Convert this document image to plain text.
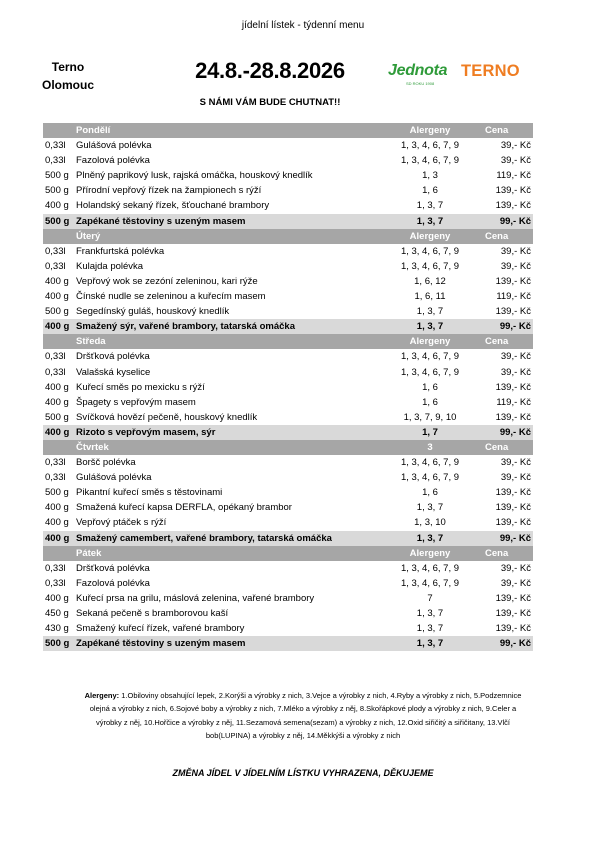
jídelní lístek - týdenní menu
Terno
Olomouc
24.8.-28.8.2026
S NÁMI VÁM BUDE CHUTNAT!!
Jednota
SD ROKU 1908
TERNO
Pondělí	Alergeny	Cena
0,33l	Gulášová polévka	1, 3, 4, 6, 7, 9	39,- Kč
0,33l	Fazolová polévka	1, 3, 4, 6, 7, 9	39,- Kč
500 g Plněný paprikový lusk, rajská omáčka, houskový knedlík	1, 3	119,- Kč
500 g Přírodní vepřový řízek na žampionech s rýží	1, 6	139,- Kč
400 g Holandský sekaný řízek, šťouchané brambory	1, 3, 7	139,- Kč
500 g Zapékané těstoviny s uzeným masem	1, 3, 7	99,- Kč
Úterý	Alergeny	Cena
0,33l	Frankfurtská polévka	1, 3, 4, 6, 7, 9	39,- Kč
0,33l	Kulajda polévka	1, 3, 4, 6, 7, 9	39,- Kč
400 g Vepřový wok se zezóní zeleninou, kari rýže	1, 6, 12	139,- Kč
400 g Čínské nudle se zeleninou a kuřecím masem	1, 6, 11	119,- Kč
500 g Segedínský guláš, houskový knedlík	1, 3, 7	139,- Kč
400 g Smažený sýr, vařené brambory, tatarská omáčka	1, 3, 7	99,- Kč
Středa	Alergeny	Cena
0,33l	Dršťková polévka	1, 3, 4, 6, 7, 9	39,- Kč
0,33l	Valašská kyselice	1, 3, 4, 6, 7, 9	39,- Kč
400 g Kuřecí směs po mexicku s rýží	1, 6	139,- Kč
400 g Špagety s vepřovým masem	1, 6	119,- Kč
500 g Svíčková hovězí pečeně, houskový knedlík	1, 3, 7, 9, 10	139,- Kč
400 g Rizoto s vepřovým masem, sýr	1, 7	99,- Kč
Čtvrtek	3	Cena
0,33l	Boršč polévka	1, 3, 4, 6, 7, 9	39,- Kč
0,33l	Gulášová polévka	1, 3, 4, 6, 7, 9	39,- Kč
500 g Pikantní kuřecí směs s těstovinami	1, 6	139,- Kč
400 g Smažená kuřecí kapsa DERFLA, opékaný brambor	1, 3, 7	139,- Kč
400 g Vepřový ptáček s rýží	1, 3, 10	139,- Kč
400 g Smažený camembert, vařené brambory, tatarská omáčka	1, 3, 7	99,- Kč
Pátek	Alergeny	Cena
0,33l	Dršťková polévka	1, 3, 4, 6, 7, 9	39,- Kč
0,33l	Fazolová polévka	1, 3, 4, 6, 7, 9	39,- Kč
400 g Kuřecí prsa na grilu, máslová zelenina, vařené brambory	7	139,- Kč
450 g Sekaná pečeně s bramborovou kaší	1, 3, 7	139,- Kč
430 g Smažený kuřecí řízek, vařené brambory	1, 3, 7	139,- Kč
500 g Zapékané těstoviny s uzeným masem	1, 3, 7	99,- Kč
Alergeny: 1.Obiloviny obsahující lepek, 2.Korýši a výrobky z nich, 3.Vejce a výrobky z nich, 4.Ryby a výrobky z nich, 5.Podzemnice
olejná a výrobky z nich, 6.Sojové boby a výrobky z nich, 7.Mléko a výrobky z něj, 8.Skořápkové plody a výrobky z nich, 9.Celer a
výrobky z něj, 10.Hořčice a výrobky z něj, 11.Sezamová semena(sezam) a výrobky z nich, 12.Oxid siřičitý a siřičitany, 13.Vlčí
bob(LUPINA) a výrobky z něj, 14.Měkkýši a výrobky z nich
ZMĚNA JÍDEL V JÍDELNÍM LÍSTKU VYHRAZENA, DĚKUJEME
